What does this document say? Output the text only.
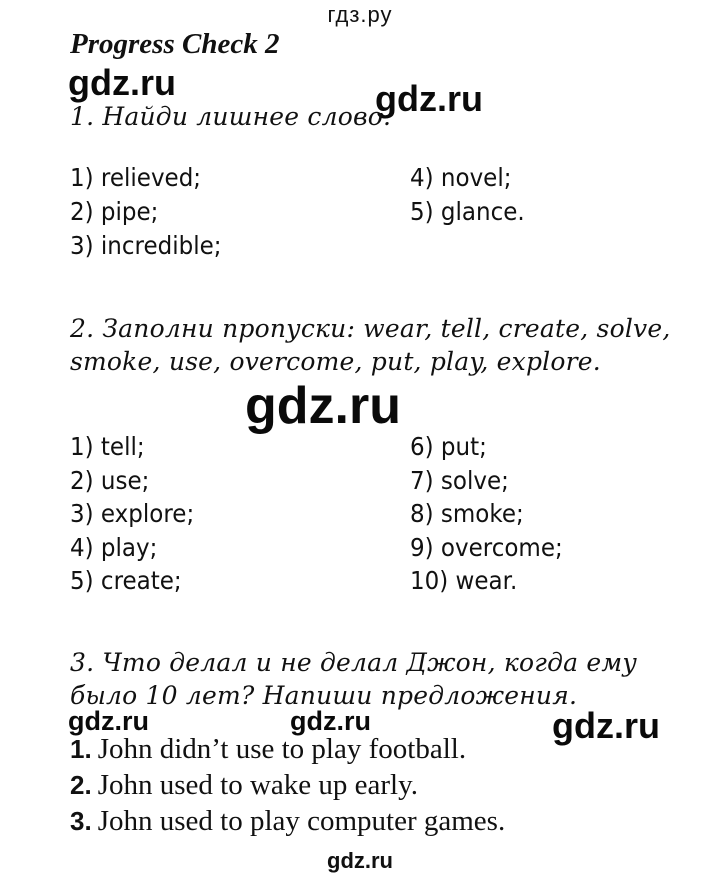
гдз.ру
Progress Check 2
gdz.ru	gdz.ru
1. Найди лишнее слово.
1) relieved;
2) pipe;
3) incredible;
4) novel;
5) glance.
2. Заполни пропуски: wear, tell, create, solve,
smoke, use, overcome, put, play, explore.
gdz.ru
1) tell;
2) use;
3) explore;
4) play;
5) create;
6) put;
7) solve;
8) smoke;
9) overcome;
10) wear.
3. Что делал и не делал Джон, когда ему
было 10 лет? Напиши предложения.
gdz.ru	gdz.ru	gdz.ru
1. John didn’t use to play football.
2. John used to wake up early.
3. John used to play computer games.
gdz.ru
